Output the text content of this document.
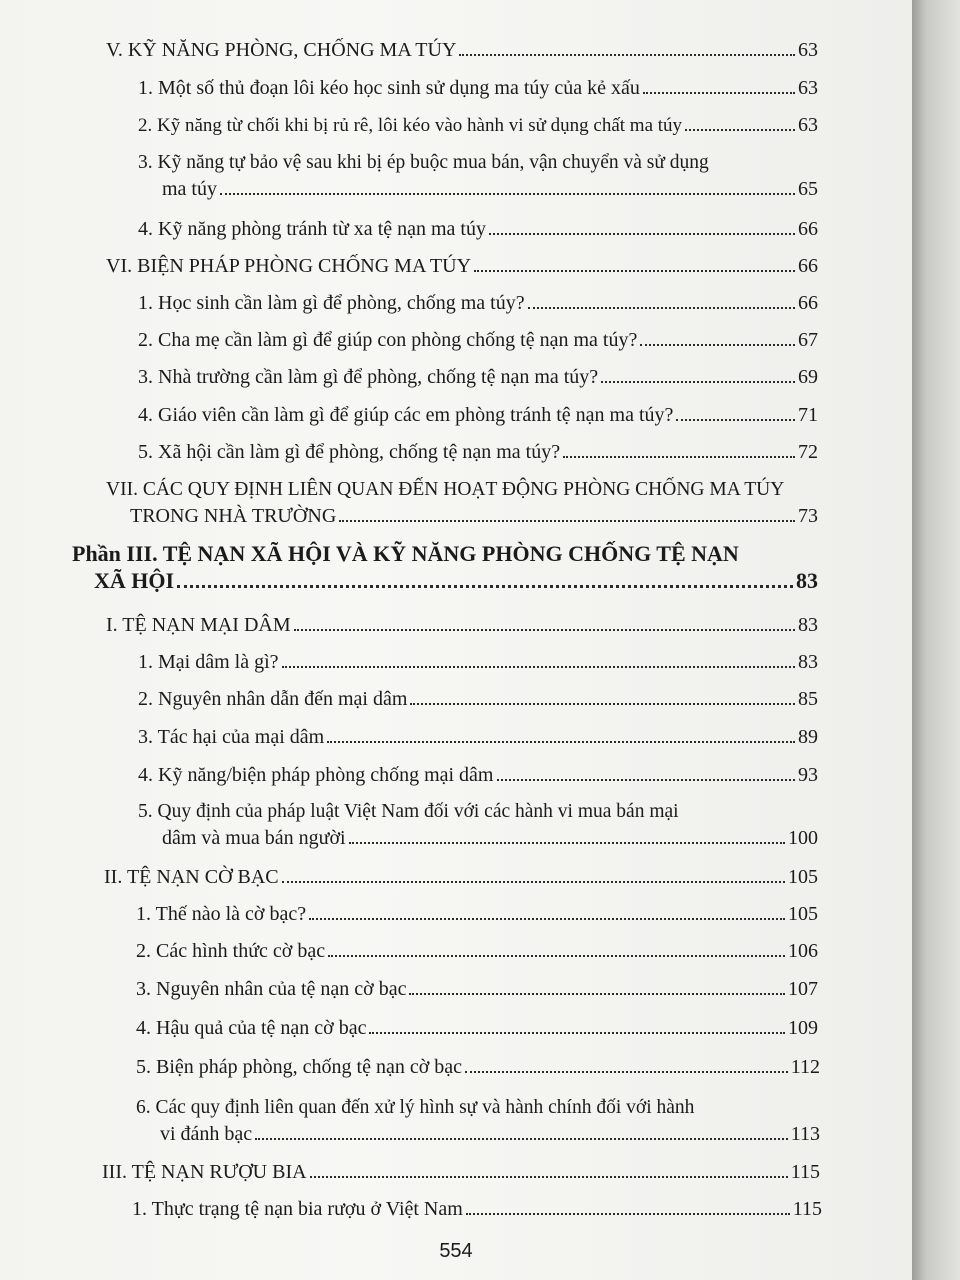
V. KỸ NĂNG PHÒNG, CHỐNG MA TÚY	63
1. Một số thủ đoạn lôi kéo học sinh sử dụng ma túy của kẻ xấu	63
2. Kỹ năng từ chối khi bị rủ rê, lôi kéo vào hành vi sử dụng chất ma túy	63
3. Kỹ năng tự bảo vệ sau khi bị ép buộc mua bán, vận chuyển và sử dụng
ma túy	65
4. Kỹ năng phòng tránh từ xa tệ nạn ma túy	66
VI. BIỆN PHÁP PHÒNG CHỐNG MA TÚY	66
1. Học sinh cần làm gì để phòng, chống ma túy?	66
2. Cha mẹ cần làm gì để giúp con phòng chống tệ nạn ma túy?	67
3. Nhà trường cần làm gì để phòng, chống tệ nạn ma túy?	69
4. Giáo viên cần làm gì để giúp các em phòng tránh tệ nạn ma túy?	71
5. Xã hội cần làm gì để phòng, chống tệ nạn ma túy?	72
VII. CÁC QUY ĐỊNH LIÊN QUAN ĐẾN HOẠT ĐỘNG PHÒNG CHỐNG MA TÚY
TRONG NHÀ TRƯỜNG	73
Phần III. TỆ NẠN XÃ HỘI VÀ KỸ NĂNG PHÒNG CHỐNG TỆ NẠN
XÃ HỘI	83
I. TỆ NẠN MẠI DÂM	83
1. Mại dâm là gì?	83
2. Nguyên nhân dẫn đến mại dâm	85
3. Tác hại của mại dâm	89
4. Kỹ năng/biện pháp phòng chống mại dâm	93
5. Quy định của pháp luật Việt Nam đối với các hành vi mua bán mại
dâm và mua bán người	100
II. TỆ NẠN CỜ BẠC	105
1. Thế nào là cờ bạc?	105
2. Các hình thức cờ bạc	106
3. Nguyên nhân của tệ nạn cờ bạc	107
4. Hậu quả của tệ nạn cờ bạc	109
5. Biện pháp phòng, chống tệ nạn cờ bạc	112
6. Các quy định liên quan đến xử lý hình sự và hành chính đối với hành
vi đánh bạc	113
III. TỆ NẠN RƯỢU BIA	115
1. Thực trạng tệ nạn bia rượu ở Việt Nam	115
554
